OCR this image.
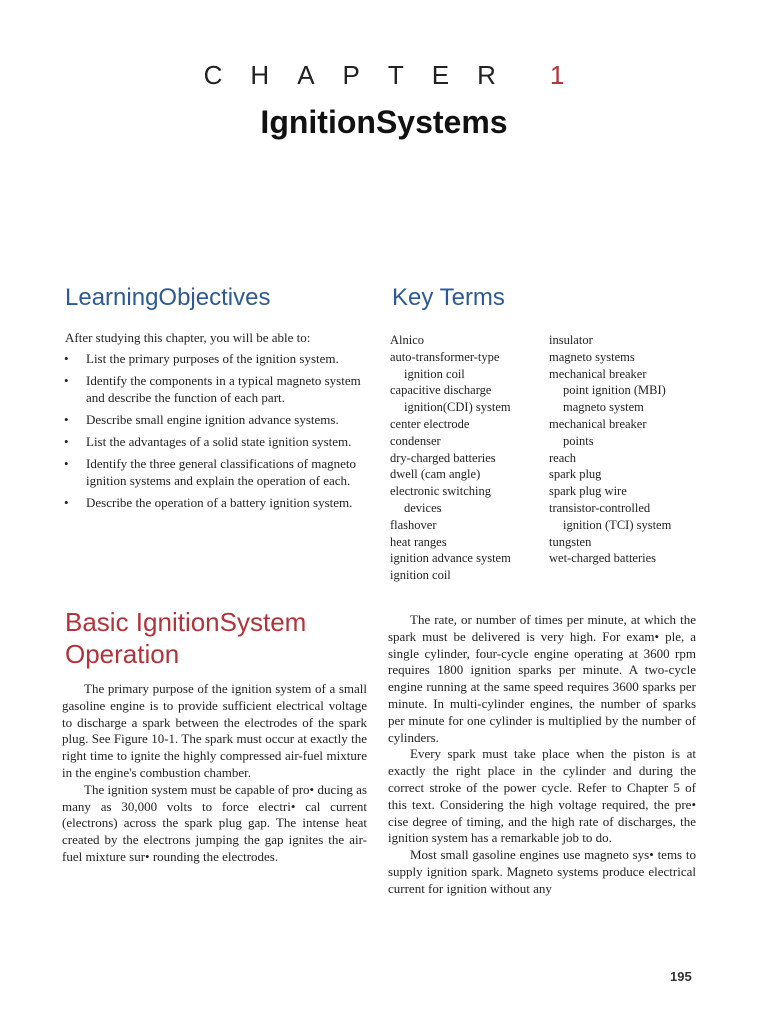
C H A P T E R 1
IgnitionSystems
LearningObjectives	Key Terms
After studying this chapter, you will be able to:
• List the primary purposes of the ignition system.
• Identify the components in a typical magneto system and describe the function of each part.
• Describe small engine ignition advance systems.
• List the advantages of a solid state ignition system.
• Identify the three general classifications of magneto ignition systems and explain the operation of each.
• Describe the operation of a battery ignition system.
Alnico
auto-transformer-type
ignition coil
capacitive discharge
ignition(CDI) system
center electrode
condenser
dry-charged batteries
dwell (cam angle)
electronic switching
devices
flashover
heat ranges
ignition advance system
ignition coil
insulator
magneto systems
mechanical breaker
point ignition (MBI)
magneto system
mechanical breaker
points
reach
spark plug
spark plug wire
transistor-controlled
ignition (TCI) system
tungsten
wet-charged batteries
Basic IgnitionSystem Operation

The primary purpose of the ignition system of a small gasoline engine is to provide sufficient electrical voltage to discharge a spark between the electrodes of the spark plug. See Figure 10-1. The spark must occur at exactly the right time to ignite the highly compressed air-fuel mixture in the engine's combustion chamber.

The ignition system must be capable of pro• ducing as many as 30,000 volts to force electri• cal current (electrons) across the spark plug gap. The intense heat created by the electrons jumping the gap ignites the air-fuel mixture sur• rounding the electrodes.

The rate, or number of times per minute, at which the spark must be delivered is very high. For exam• ple, a single cylinder, four-cycle engine operating at 3600 rpm requires 1800 ignition sparks per minute. A two-cycle engine running at the same speed requires 3600 sparks per minute. In multi-cylinder engines, the number of sparks per minute for one cylinder is multiplied by the number of cylinders.

Every spark must take place when the piston is at exactly the right place in the cylinder and during the correct stroke of the power cycle. Refer to Chapter 5 of this text. Considering the high voltage required, the pre• cise degree of timing, and the high rate of discharges, the ignition system has a remarkable job to do.

Most small gasoline engines use magneto sys• tems to supply ignition spark. Magneto systems produce electrical current for ignition without any

195
